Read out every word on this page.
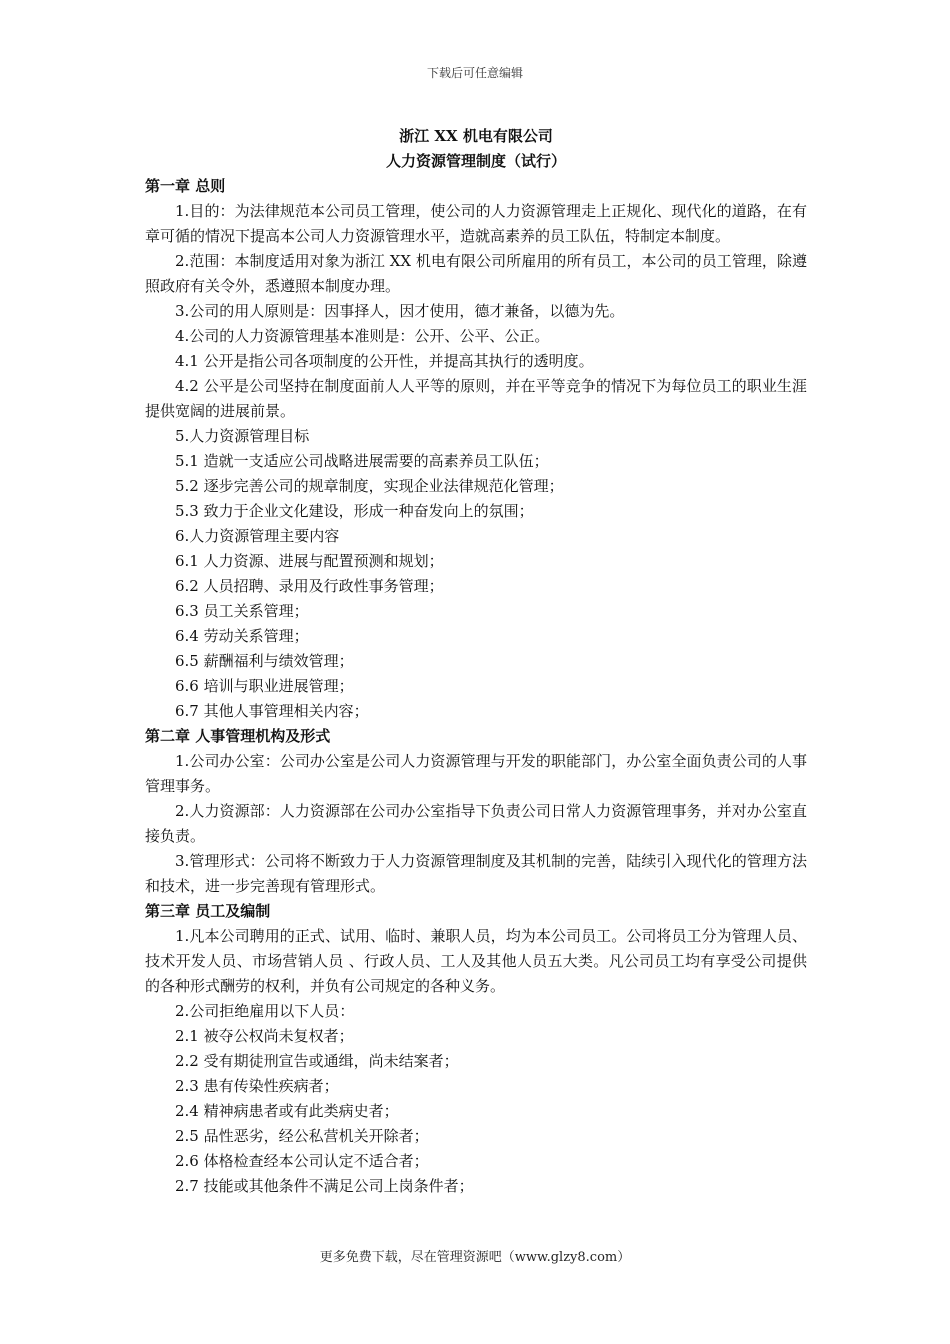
下载后可任意编辑

浙江 XX 机电有限公司

人力资源管理制度（试行）

第一章 总则

1.目的：为法律规范本公司员工管理，使公司的人力资源管理走上正规化、现代化的道路，在有章可循的情况下提高本公司人力资源管理水平，造就高素养的员工队伍，特制定本制度。

2.范围：本制度适用对象为浙江 XX 机电有限公司所雇用的所有员工，本公司的员工管理，除遵照政府有关令外，悉遵照本制度办理。

3.公司的用人原则是：因事择人，因才使用，德才兼备，以德为先。

4.公司的人力资源管理基本准则是：公开、公平、公正。

4.1 公开是指公司各项制度的公开性，并提高其执行的透明度。

4.2 公平是公司坚持在制度面前人人平等的原则，并在平等竞争的情况下为每位员工的职业生涯提供宽阔的进展前景。

5.人力资源管理目标

5.1 造就一支适应公司战略进展需要的高素养员工队伍；

5.2 逐步完善公司的规章制度，实现企业法律规范化管理；

5.3 致力于企业文化建设，形成一种奋发向上的氛围；

6.人力资源管理主要内容

6.1 人力资源、进展与配置预测和规划；

6.2 人员招聘、录用及行政性事务管理；

6.3 员工关系管理；

6.4 劳动关系管理；

6.5 薪酬福利与绩效管理；

6.6 培训与职业进展管理；

6.7 其他人事管理相关内容；

第二章 人事管理机构及形式

1.公司办公室：公司办公室是公司人力资源管理与开发的职能部门，办公室全面负责公司的人事管理事务。

2.人力资源部：人力资源部在公司办公室指导下负责公司日常人力资源管理事务，并对办公室直接负责。

3.管理形式：公司将不断致力于人力资源管理制度及其机制的完善，陆续引入现代化的管理方法和技术，进一步完善现有管理形式。

第三章 员工及编制

1.凡本公司聘用的正式、试用、临时、兼职人员，均为本公司员工。公司将员工分为管理人员、技术开发人员、市场营销人员 、行政人员、工人及其他人员五大类。凡公司员工均有享受公司提供的各种形式酬劳的权利，并负有公司规定的各种义务。

2.公司拒绝雇用以下人员：

2.1 被夺公权尚未复权者；

2.2 受有期徒刑宣告或通缉，尚未结案者；

2.3 患有传染性疾病者；

2.4 精神病患者或有此类病史者；

2.5 品性恶劣，经公私营机关开除者；

2.6 体格检查经本公司认定不适合者；

2.7 技能或其他条件不满足公司上岗条件者；

更多免费下载，尽在管理资源吧（www.glzy8.com）
